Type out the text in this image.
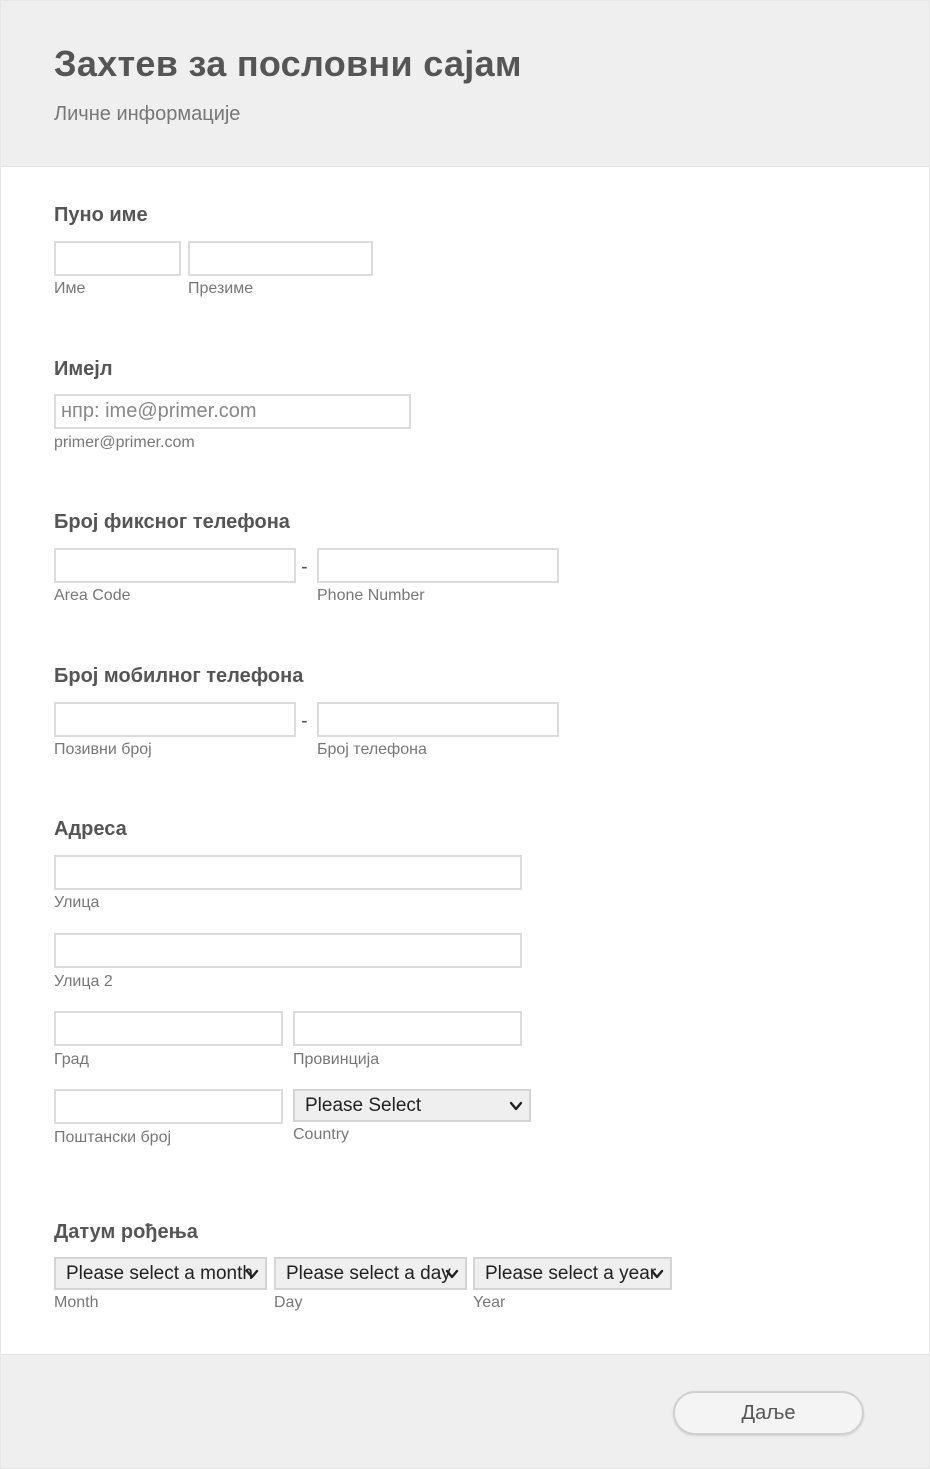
Захтев за пословни сајам
Личне информације
Пуно име
Име	Презиме
Имејл
нпр: ime@primer.com
primer@primer.com
Број фиксног телефона
-
Area Code	Phone Number
Број мобилног телефона
-
Позивни број	Број телефона
Адреса
Улица
Улица 2
Град	Провинција
Поштански број
Please Select
Country
Датум рођења
Please select a month	Please select a day	Please select a year
Month	Day	Year
Даље
